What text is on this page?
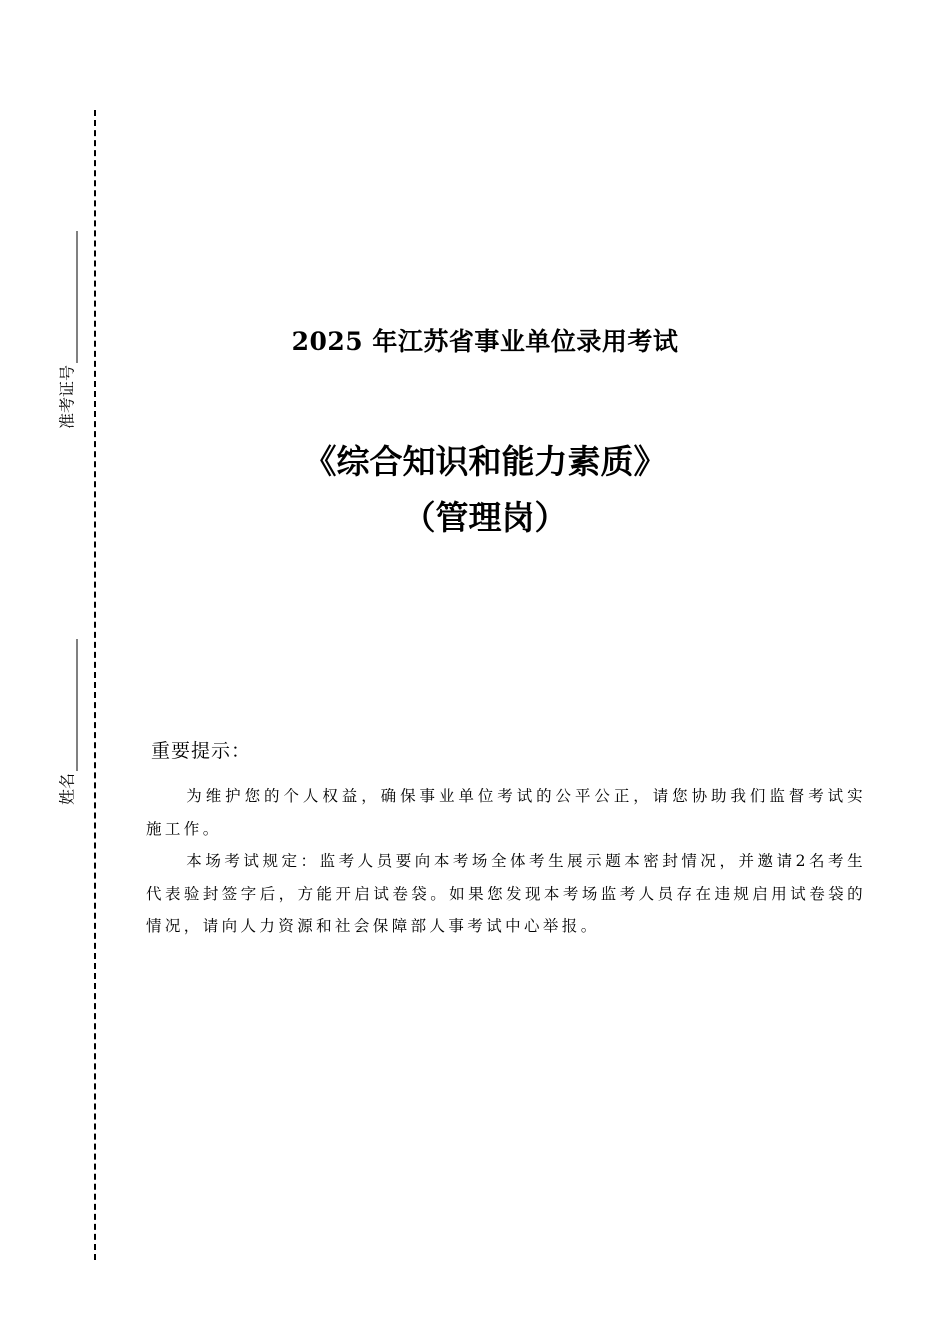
准考证号
姓名
2025 年江苏省事业单位录用考试
《综合知识和能力素质》
（管理岗）
重要提示：

为维护您的个人权益，确保事业单位考试的公平公正，请您协助我们监督考试实施工作。

本场考试规定：监考人员要向本考场全体考生展示题本密封情况，并邀请2名考生代表验封签字后，方能开启试卷袋。如果您发现本考场监考人员存在违规启用试卷袋的情况，请向人力资源和社会保障部人事考试中心举报。
